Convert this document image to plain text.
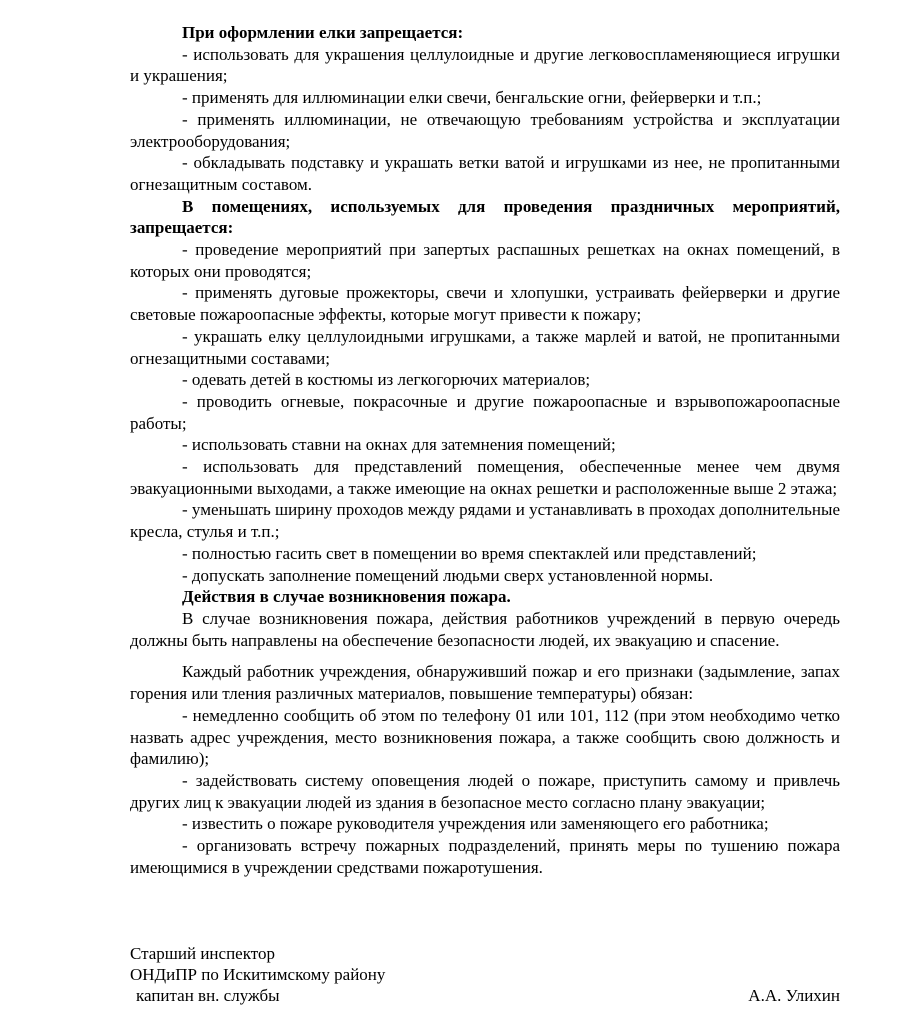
При оформлении елки запрещается:

- использовать для украшения целлулоидные и другие легковоспламеняющиеся игрушки и украшения;

- применять для иллюминации елки свечи, бенгальские огни, фейерверки и т.п.;

- применять иллюминации, не отвечающую требованиям устройства и эксплуатации электрооборудования;

- обкладывать подставку и украшать ветки ватой и игрушками из нее, не пропитанными огнезащитным составом.

В помещениях, используемых для проведения праздничных мероприятий, запрещается:

- проведение мероприятий при запертых распашных решетках на окнах помещений, в которых они проводятся;

- применять дуговые прожекторы, свечи и хлопушки, устраивать фейерверки и другие световые пожароопасные эффекты, которые могут привести к пожару;

- украшать елку целлулоидными игрушками, а также марлей и ватой, не пропитанными огнезащитными составами;

- одевать детей в костюмы из легкогорючих материалов;

- проводить огневые, покрасочные и другие пожароопасные и взрывопожароопасные работы;

- использовать ставни на окнах для затемнения помещений;

- использовать для представлений помещения, обеспеченные менее чем двумя эвакуационными выходами, а также имеющие на окнах решетки и расположенные выше 2 этажа;

- уменьшать ширину проходов между рядами и устанавливать в проходах дополнительные кресла, стулья и т.п.;

- полностью гасить свет в помещении во время спектаклей или представлений;

- допускать заполнение помещений людьми сверх установленной нормы.

Действия в случае возникновения пожара.

В случае возникновения пожара, действия работников учреждений в первую очередь должны быть направлены на обеспечение безопасности людей, их эвакуацию и спасение.

Каждый работник учреждения, обнаруживший пожар и его признаки (задымление, запах горения или тления различных материалов, повышение температуры) обязан:

- немедленно сообщить об этом по телефону 01 или 101, 112 (при этом необходимо четко назвать адрес учреждения, место возникновения пожара, а также сообщить свою должность и фамилию);

- задействовать систему оповещения людей о пожаре, приступить самому и привлечь других лиц к эвакуации людей из здания в безопасное место согласно плану эвакуации;

- известить о пожаре руководителя учреждения или заменяющего его работника;

- организовать встречу пожарных подразделений, принять меры по тушению пожара имеющимися в учреждении средствами пожаротушения.

Старший инспектор

ОНДиПР по Искитимскому району

капитан вн. службы	А.А. Улихин
